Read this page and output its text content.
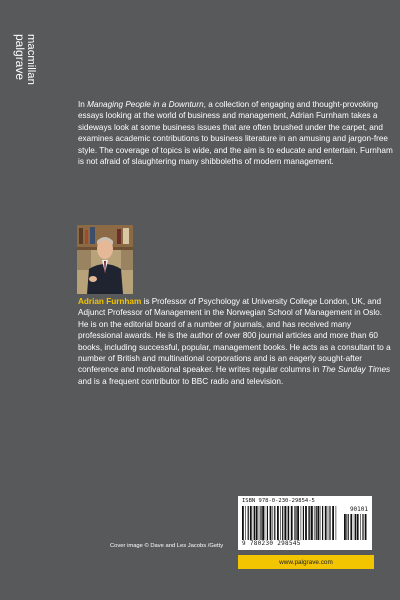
palgrave
macmillan

In Managing People in a Downturn, a collection of engaging and thought-provoking essays looking at the world of business and management, Adrian Furnham takes a sideways look at some business issues that are often brushed under the carpet, and examines academic contributions to business literature in an amusing and jargon-free style. The coverage of topics is wide, and the aim is to educate and entertain. Furnham is not afraid of slaughtering many shibboleths of modern management.

Adrian Furnham is Professor of Psychology at University College London, UK, and Adjunct Professor of Management in the Norwegian School of Management in Oslo. He is on the editorial board of a number of journals, and has received many professional awards. He is the author of over 800 journal articles and more than 60 books, including successful, popular, management books. He acts as a consultant to a number of British and multinational corporations and is an eagerly sought-after conference and motivational speaker. He writes regular columns in The Sunday Times and is a frequent contributor to BBC radio and television.

ISBN 978-0-230-29854-5
90101
9 780230 298545
Cover image © Dave and Les Jacobs /Getty
www.palgrave.com
